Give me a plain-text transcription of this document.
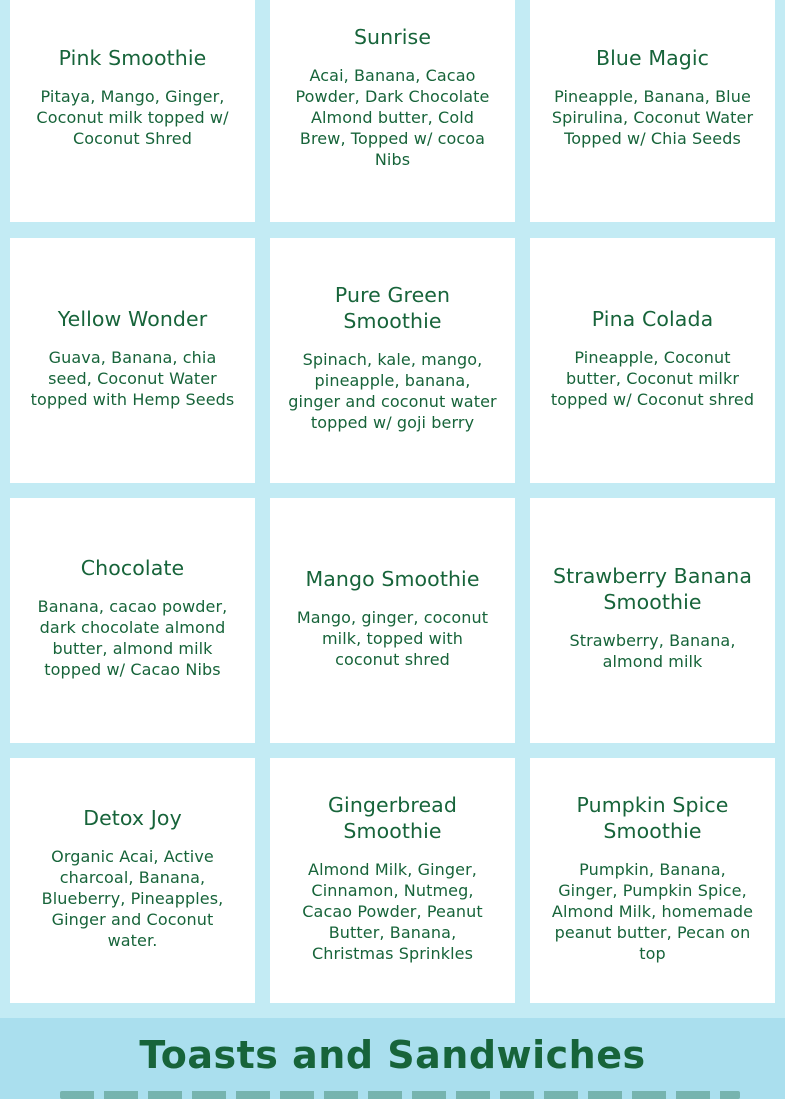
Pink Smoothie

Pitaya, Mango, Ginger, Coconut milk topped w/ Coconut Shred

Sunrise

Acai, Banana, Cacao Powder, Dark Chocolate Almond butter, Cold Brew, Topped w/ cocoa Nibs

Blue Magic

Pineapple, Banana, Blue Spirulina, Coconut Water Topped w/ Chia Seeds

Yellow Wonder

Guava, Banana, chia seed, Coconut Water topped with Hemp Seeds

Pure Green Smoothie

Spinach, kale, mango, pineapple, banana, ginger and coconut water topped w/ goji berry

Pina Colada

Pineapple, Coconut butter, Coconut milkr topped w/ Coconut shred

Chocolate

Banana, cacao powder, dark chocolate almond butter, almond milk topped w/ Cacao Nibs

Mango Smoothie

Mango, ginger, coconut milk, topped with coconut shred

Strawberry Banana Smoothie

Strawberry, Banana, almond milk

Detox Joy

Organic Acai, Active charcoal, Banana, Blueberry, Pineapples, Ginger and Coconut water.

Gingerbread Smoothie

Almond Milk, Ginger, Cinnamon, Nutmeg, Cacao Powder, Peanut Butter, Banana, Christmas Sprinkles

Pumpkin Spice Smoothie

Pumpkin, Banana, Ginger, Pumpkin Spice, Almond Milk, homemade peanut butter, Pecan on top

Toasts and Sandwiches
